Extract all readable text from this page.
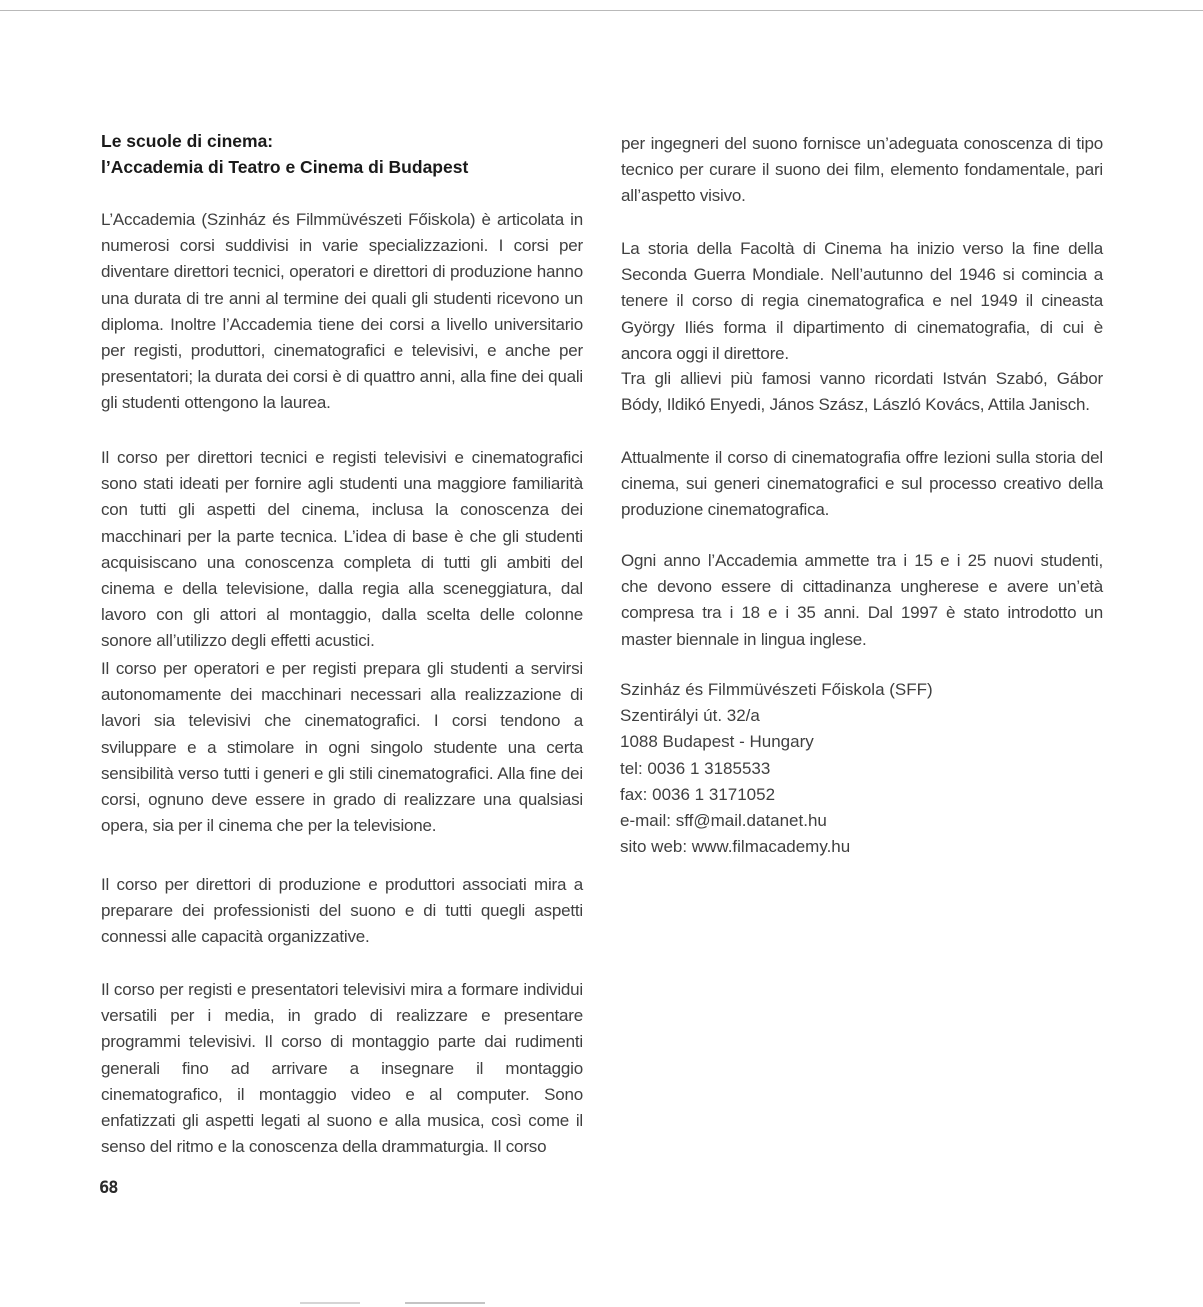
Le scuole di cinema:
l’Accademia di Teatro e Cinema di Budapest

L’Accademia (Szinház és Filmmüvészeti Főiskola) è articolata in numerosi corsi suddivisi in varie specializzazioni. I corsi per diventare direttori tecnici, operatori e direttori di produzione hanno una durata di tre anni al termine dei quali gli studenti ricevono un diploma. Inoltre l’Accademia tiene dei corsi a livello universitario per registi, produttori, cinematografici e televisivi, e anche per presentatori; la durata dei corsi è di quattro anni, alla fine dei quali gli studenti ottengono la laurea.

Il corso per direttori tecnici e registi televisivi e cinematografici sono stati ideati per fornire agli studenti una maggiore familiarità con tutti gli aspetti del cinema, inclusa la conoscenza dei macchinari per la parte tecnica. L’idea di base è che gli studenti acquisiscano una conoscenza completa di tutti gli ambiti del cinema e della televisione, dalla regia alla sceneggiatura, dal lavoro con gli attori al montaggio, dalla scelta delle colonne sonore all’utilizzo degli effetti acustici.

Il corso per operatori e per registi prepara gli studenti a servirsi autonomamente dei macchinari necessari alla realizzazione di lavori sia televisivi che cinematografici. I corsi tendono a sviluppare e a stimolare in ogni singolo studente una certa sensibilità verso tutti i generi e gli stili cinematografici. Alla fine dei corsi, ognuno deve essere in grado di realizzare una qualsiasi opera, sia per il cinema che per la televisione.

Il corso per direttori di produzione e produttori associati mira a preparare dei professionisti del suono e di tutti quegli aspetti connessi alle capacità organizzative.

Il corso per registi e presentatori televisivi mira a formare individui versatili per i media, in grado di realizzare e presentare programmi televisivi. Il corso di montaggio parte dai rudimenti generali fino ad arrivare a insegnare il montaggio cinematografico, il montaggio video e al computer. Sono enfatizzati gli aspetti legati al suono e alla musica, così come il senso del ritmo e la conoscenza della drammaturgia. Il corso

per ingegneri del suono fornisce un’adeguata conoscenza di tipo tecnico per curare il suono dei film, elemento fondamentale, pari all’aspetto visivo.

La storia della Facoltà di Cinema ha inizio verso la fine della Seconda Guerra Mondiale. Nell’autunno del 1946 si comincia a tenere il corso di regia cinematografica e nel 1949 il cineasta György Iliés forma il dipartimento di cinematografia, di cui è ancora oggi il direttore.

Tra gli allievi più famosi vanno ricordati István Szabó, Gábor Bódy, Ildikó Enyedi, János Szász, László Kovács, Attila Janisch.

Attualmente il corso di cinematografia offre lezioni sulla storia del cinema, sui generi cinematografici e sul processo creativo della produzione cinematografica.

Ogni anno l’Accademia ammette tra i 15 e i 25 nuovi studenti, che devono essere di cittadinanza ungherese e avere un’età compresa tra i 18 e i 35 anni. Dal 1997 è stato introdotto un master biennale in lingua inglese.

Szinház és Filmmüvészeti Főiskola (SFF)
Szentirályi út. 32/a
1088 Budapest - Hungary
tel: 0036 1 3185533
fax: 0036 1 3171052
e-mail: sff@mail.datanet.hu
sito web: www.filmacademy.hu
68
